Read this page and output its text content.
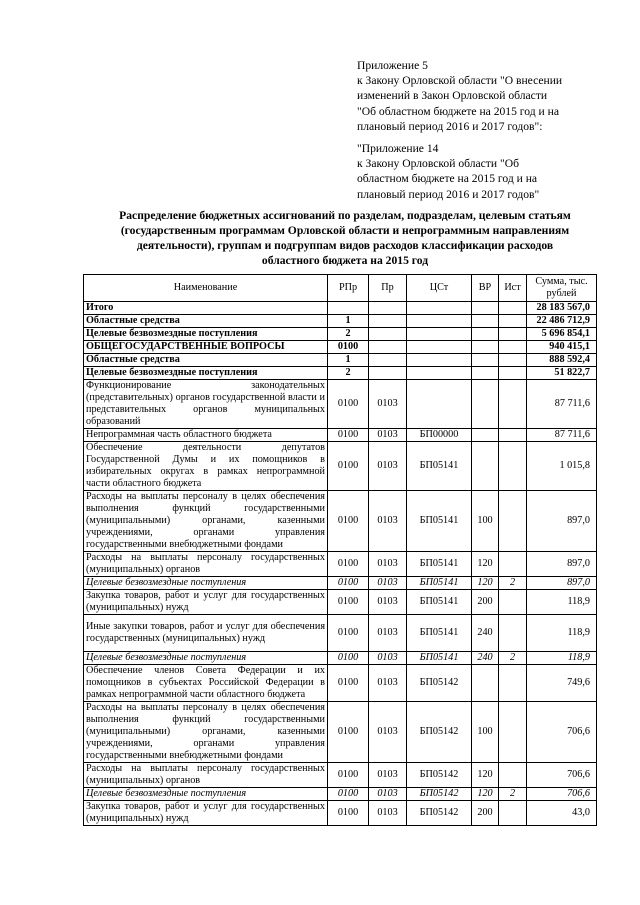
Приложение 5
к Закону Орловской области "О внесении
изменений в Закон Орловской области
"Об областном бюджете на 2015 год и на
плановый период 2016 и 2017 годов":
"Приложение 14
к Закону Орловской области "Об
областном бюджете на 2015 год и на
плановый период 2016 и 2017 годов"
Распределение бюджетных ассигнований по разделам, подразделам, целевым статьям
(государственным программам Орловской области и непрограммным направлениям
деятельности), группам и подгруппам видов расходов классификации расходов
областного бюджета на 2015 год
Наименование	РПр	Пр	ЦСт	ВР	Ист	Сумма, тыс. рублей
Итого						28 183 567,0
Областные средства	1					22 486 712,9
Целевые безвозмездные поступления	2					5 696 854,1
ОБЩЕГОСУДАРСТВЕННЫЕ ВОПРОСЫ	0100					940 415,1
Областные средства	1					888 592,4
Целевые безвозмездные поступления	2					51 822,7
Функционирование законодательных (представительных) органов государственной власти и представительных органов муниципальных образований	0100	0103				87 711,6
Непрограммная часть областного бюджета	0100	0103	БП00000			87 711,6
Обеспечение деятельности депутатов Государственной Думы и их помощников в избирательных округах в рамках непрограммной части областного бюджета	0100	0103	БП05141			1 015,8
Расходы на выплаты персоналу в целях обеспечения выполнения функций государственными (муниципальными) органами, казенными учреждениями, органами управления государственными внебюджетными фондами	0100	0103	БП05141	100		897,0
Расходы на выплаты персоналу государственных (муниципальных) органов	0100	0103	БП05141	120		897,0
Целевые безвозмездные поступления	0100	0103	БП05141	120	2	897,0
Закупка товаров, работ и услуг для государственных (муниципальных) нужд	0100	0103	БП05141	200		118,9
Иные закупки товаров, работ и услуг для обеспечения государственных (муниципальных) нужд	0100	0103	БП05141	240		118,9
Целевые безвозмездные поступления	0100	0103	БП05141	240	2	118,9
Обеспечение членов Совета Федерации и их помощников в субъектах Российской Федерации в рамках непрограммной части областного бюджета	0100	0103	БП05142			749,6
Расходы на выплаты персоналу в целях обеспечения выполнения функций государственными (муниципальными) органами, казенными учреждениями, органами управления государственными внебюджетными фондами	0100	0103	БП05142	100		706,6
Расходы на выплаты персоналу государственных (муниципальных) органов	0100	0103	БП05142	120		706,6
Целевые безвозмездные поступления	0100	0103	БП05142	120	2	706,6
Закупка товаров, работ и услуг для государственных (муниципальных) нужд	0100	0103	БП05142	200		43,0
